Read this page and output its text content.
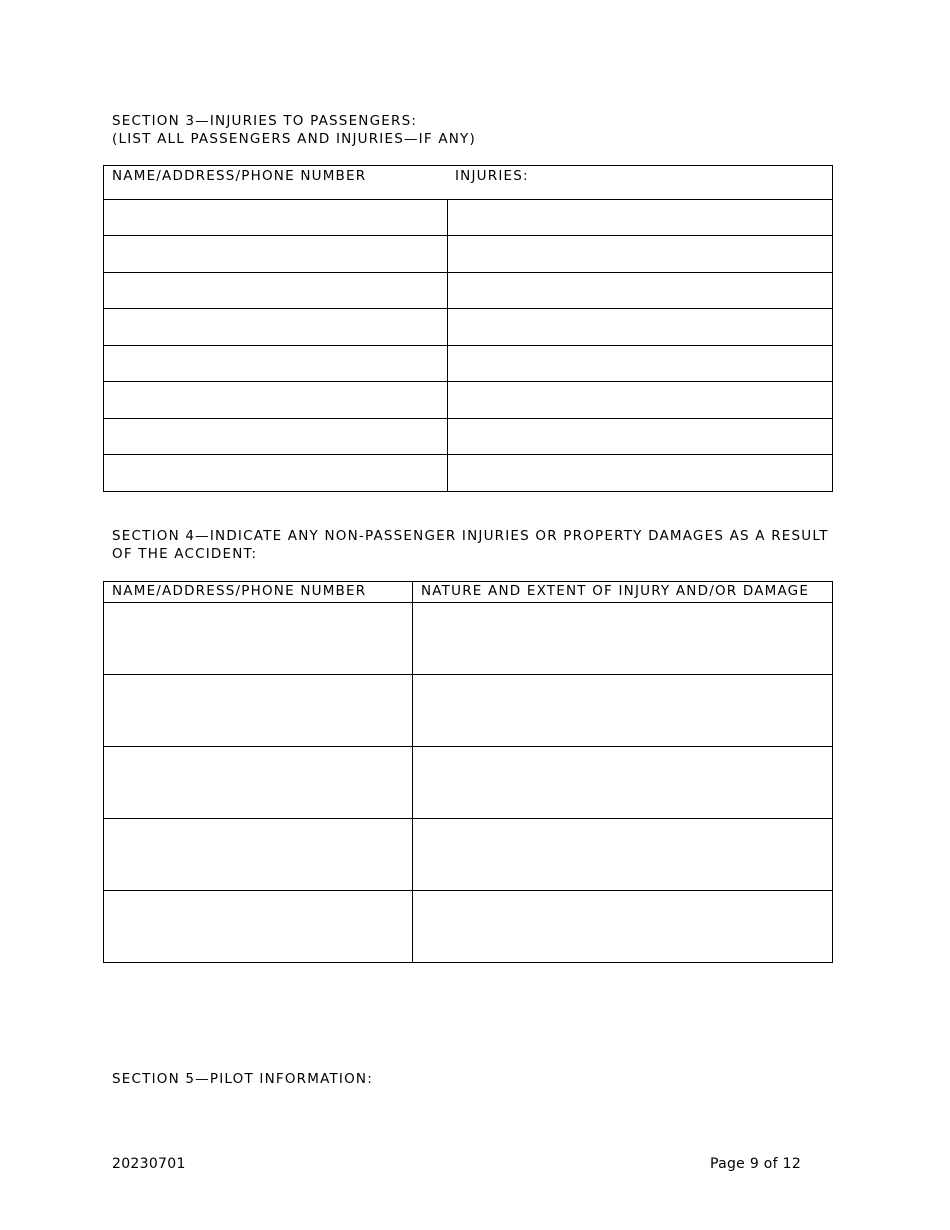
SECTION 3—INJURIES TO PASSENGERS:
(LIST ALL PASSENGERS AND INJURIES—IF ANY)
NAME/ADDRESS/PHONE NUMBER INJURIES:	

SECTION 4—INDICATE ANY NON-PASSENGER INJURIES OR PROPERTY DAMAGES AS A RESULT
OF THE ACCIDENT:
NAME/ADDRESS/PHONE NUMBER	NATURE AND EXTENT OF INJURY AND/OR DAMAGE

SECTION 5—PILOT INFORMATION:
20230701	Page 9 of 12
